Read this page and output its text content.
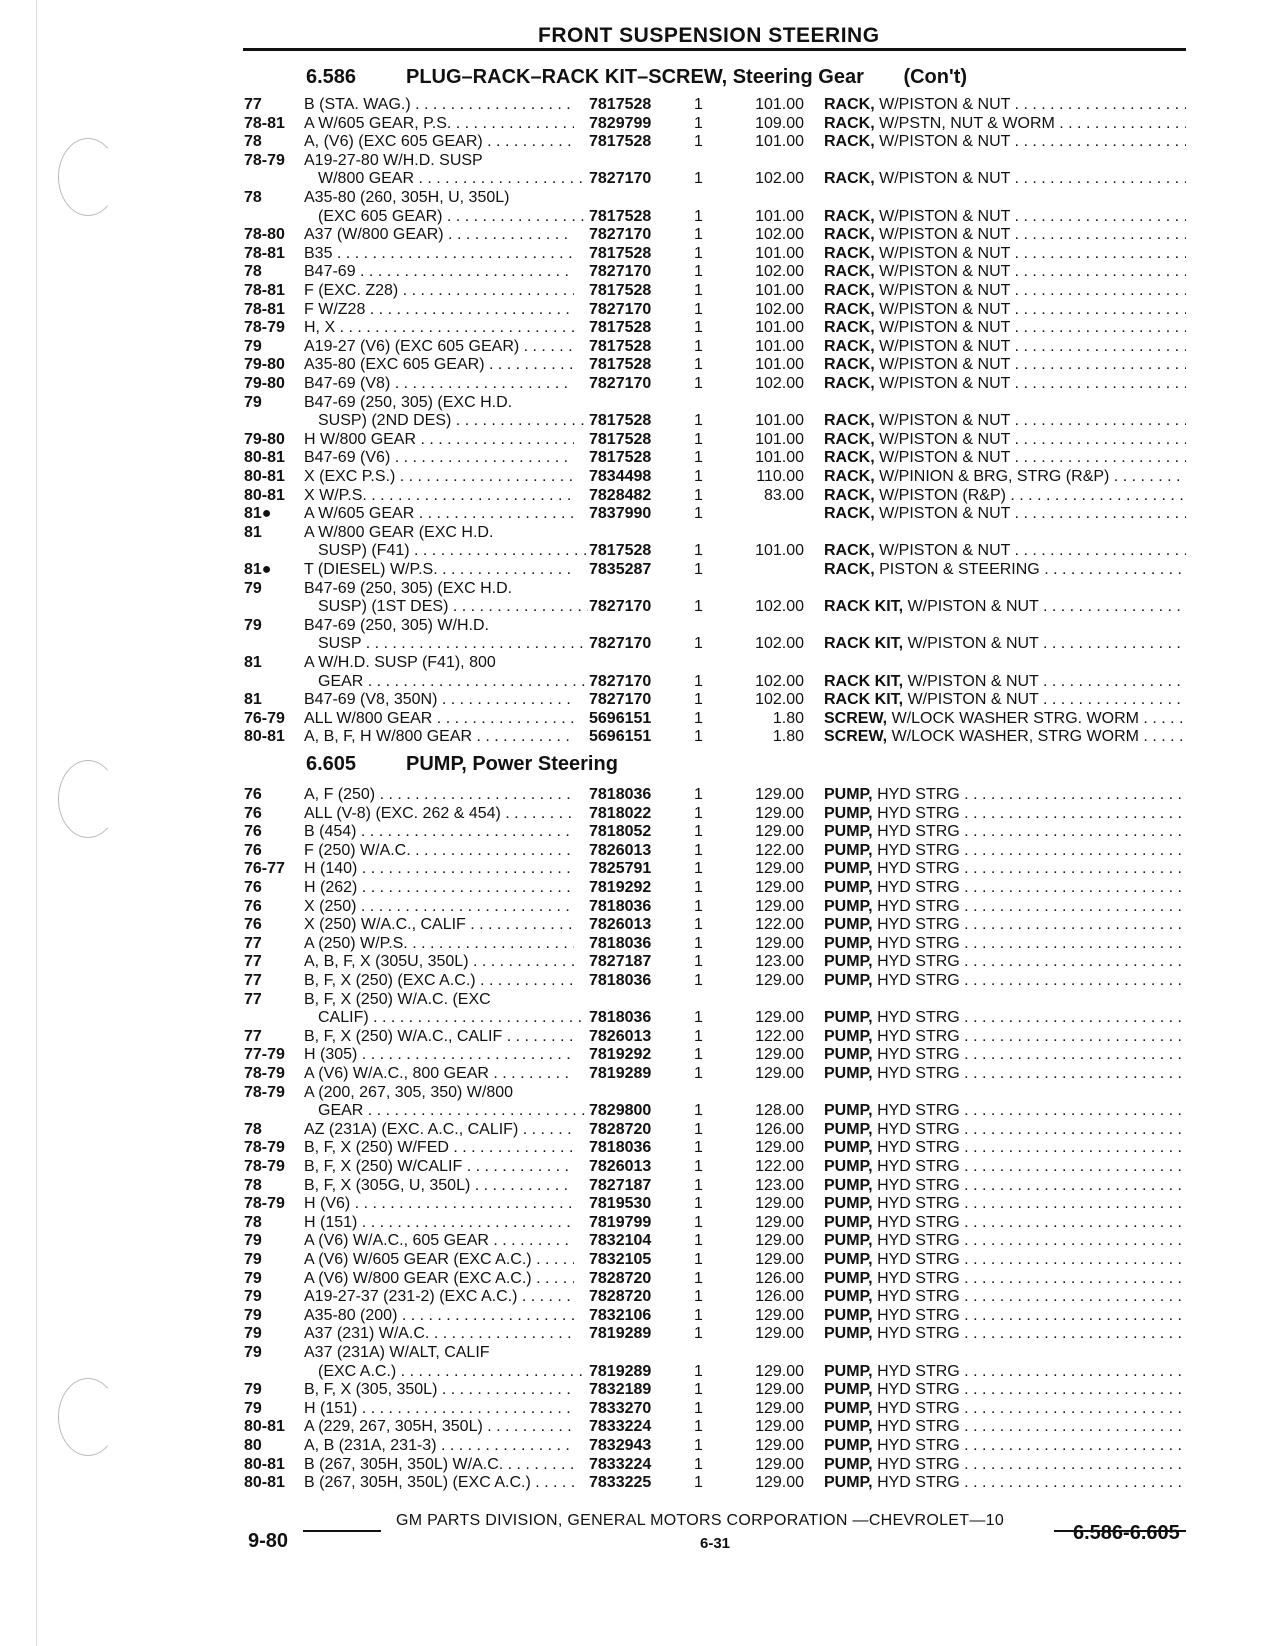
FRONT SUSPENSION STEERING
6.586 PLUG–RACK–RACK KIT–SCREW, Steering Gear (Con't)
77	B (STA. WAG.) . . .	7817528	1	101.00 RACK, W/PISTON & NUT . . .
78-81 A W/605 GEAR, P.S. . . .	7829799	1	109.00 RACK, W/PSTN, NUT & WORM . . .
78	A, (V6) (EXC 605 GEAR) . . .	7817528	1	101.00 RACK, W/PISTON & NUT . . .
78-79 A19-27-80 W/H.D. SUSP
W/800 GEAR . . .	7827170	1	102.00 RACK, W/PISTON & NUT . . .
78	A35-80 (260, 305H, U, 350L)
(EXC 605 GEAR) . . .	7817528	1	101.00 RACK, W/PISTON & NUT . . .
78-80 A37 (W/800 GEAR) . . .	7827170	1	102.00 RACK, W/PISTON & NUT . . .
78-81 B35 . . .	7817528	1	101.00 RACK, W/PISTON & NUT . . .
78	B47-69 . . .	7827170	1	102.00 RACK, W/PISTON & NUT . . .
78-81 F (EXC. Z28) . . .	7817528	1	101.00 RACK, W/PISTON & NUT . . .
78-81 F W/Z28 . . .	7827170	1	102.00 RACK, W/PISTON & NUT . . .
78-79 H, X . . .	7817528	1	101.00 RACK, W/PISTON & NUT . . .
79	A19-27 (V6) (EXC 605 GEAR) . . .	7817528	1	101.00 RACK, W/PISTON & NUT . . .
79-80 A35-80 (EXC 605 GEAR) . . .	7817528	1	101.00 RACK, W/PISTON & NUT . . .
79-80 B47-69 (V8) . . .	7827170	1	102.00 RACK, W/PISTON & NUT . . .
79	B47-69 (250, 305) (EXC H.D.
SUSP) (2ND DES) . . .	7817528	1	101.00 RACK, W/PISTON & NUT . . .
79-80 H W/800 GEAR . . .	7817528	1	101.00 RACK, W/PISTON & NUT . . .
80-81 B47-69 (V6) . . .	7817528	1	101.00 RACK, W/PISTON & NUT . . .
80-81 X (EXC P.S.) . . .	7834498	1	110.00 RACK, W/PINION & BRG, STRG (R&P) . . .
80-81 X W/P.S. . . .	7828482	1	83.00 RACK, W/PISTON (R&P) . . .
81● A W/605 GEAR . . .	7837990	1	RACK, W/PISTON & NUT . . .
81	A W/800 GEAR (EXC H.D.
SUSP) (F41) . . .	7817528	1	101.00 RACK, W/PISTON & NUT . . .
81● T (DIESEL) W/P.S. . . .	7835287	1	RACK, PISTON & STEERING . . .
79	B47-69 (250, 305) (EXC H.D.
SUSP) (1ST DES) . . .	7827170	1	102.00 RACK KIT, W/PISTON & NUT . . .
79	B47-69 (250, 305) W/H.D.
SUSP . . .	7827170	1	102.00 RACK KIT, W/PISTON & NUT . . .
81	A W/H.D. SUSP (F41), 800
GEAR . . .	7827170	1	102.00 RACK KIT, W/PISTON & NUT . . .
81	B47-69 (V8, 350N) . . .	7827170	1	102.00 RACK KIT, W/PISTON & NUT . . .
76-79 ALL W/800 GEAR . . .	5696151	1	1.80 SCREW, W/LOCK WASHER STRG. WORM . . .
80-81 A, B, F, H W/800 GEAR . . .	5696151	1	1.80 SCREW, W/LOCK WASHER, STRG WORM . . .
6.605 PUMP, Power Steering
76	A, F (250) . . .	7818036	1	129.00 PUMP, HYD STRG . . .
76	ALL (V-8) (EXC. 262 & 454) . . .	7818022	1	129.00 PUMP, HYD STRG . . .
76	B (454) . . .	7818052	1	129.00 PUMP, HYD STRG . . .
76	F (250) W/A.C. . . .	7826013	1	122.00 PUMP, HYD STRG . . .
76-77 H (140) . . .	7825791	1	129.00 PUMP, HYD STRG . . .
76	H (262) . . .	7819292	1	129.00 PUMP, HYD STRG . . .
76	X (250) . . .	7818036	1	129.00 PUMP, HYD STRG . . .
76	X (250) W/A.C., CALIF . . .	7826013	1	122.00 PUMP, HYD STRG . . .
77	A (250) W/P.S. . . .	7818036	1	129.00 PUMP, HYD STRG . . .
77	A, B, F, X (305U, 350L) . . .	7827187	1	123.00 PUMP, HYD STRG . . .
77	B, F, X (250) (EXC A.C.) . . .	7818036	1	129.00 PUMP, HYD STRG . . .
77	B, F, X (250) W/A.C. (EXC
CALIF) . . .	7818036	1	129.00 PUMP, HYD STRG . . .
77	B, F, X (250) W/A.C., CALIF . . .	7826013	1	122.00 PUMP, HYD STRG . . .
77-79 H (305) . . .	7819292	1	129.00 PUMP, HYD STRG . . .
78-79 A (V6) W/A.C., 800 GEAR . . .	7819289	1	129.00 PUMP, HYD STRG . . .
78-79 A (200, 267, 305, 350) W/800
GEAR . . .	7829800	1	128.00 PUMP, HYD STRG . . .
78	AZ (231A) (EXC. A.C., CALIF) . . .	7828720	1	126.00 PUMP, HYD STRG . . .
78-79 B, F, X (250) W/FED . . .	7818036	1	129.00 PUMP, HYD STRG . . .
78-79 B, F, X (250) W/CALIF . . .	7826013	1	122.00 PUMP, HYD STRG . . .
78	B, F, X (305G, U, 350L) . . .	7827187	1	123.00 PUMP, HYD STRG . . .
78-79 H (V6) . . .	7819530	1	129.00 PUMP, HYD STRG . . .
78	H (151) . . .	7819799	1	129.00 PUMP, HYD STRG . . .
79	A (V6) W/A.C., 605 GEAR . . .	7832104	1	129.00 PUMP, HYD STRG . . .
79	A (V6) W/605 GEAR (EXC A.C.) . . .	7832105	1	129.00 PUMP, HYD STRG . . .
79	A (V6) W/800 GEAR (EXC A.C.) . . .	7828720	1	126.00 PUMP, HYD STRG . . .
79	A19-27-37 (231-2) (EXC A.C.) . . .	7828720	1	126.00 PUMP, HYD STRG . . .
79	A35-80 (200) . . .	7832106	1	129.00 PUMP, HYD STRG . . .
79	A37 (231) W/A.C. . . .	7819289	1	129.00 PUMP, HYD STRG . . .
79	A37 (231A) W/ALT, CALIF
(EXC A.C.) . . .	7819289	1	129.00 PUMP, HYD STRG . . .
79	B, F, X (305, 350L) . . .	7832189	1	129.00 PUMP, HYD STRG . . .
79	H (151) . . .	7833270	1	129.00 PUMP, HYD STRG . . .
80-81 A (229, 267, 305H, 350L) . . .	7833224	1	129.00 PUMP, HYD STRG . . .
80	A, B (231A, 231-3) . . .	7832943	1	129.00 PUMP, HYD STRG . . .
80-81 B (267, 305H, 350L) W/A.C. . . .	7833224	1	129.00 PUMP, HYD STRG . . .
80-81 B (267, 305H, 350L) (EXC A.C.) . . .	7833225	1	129.00 PUMP, HYD STRG . . .
GM PARTS DIVISION, GENERAL MOTORS CORPORATION —CHEVROLET—10
9-80	6-31	6.586-6.605
